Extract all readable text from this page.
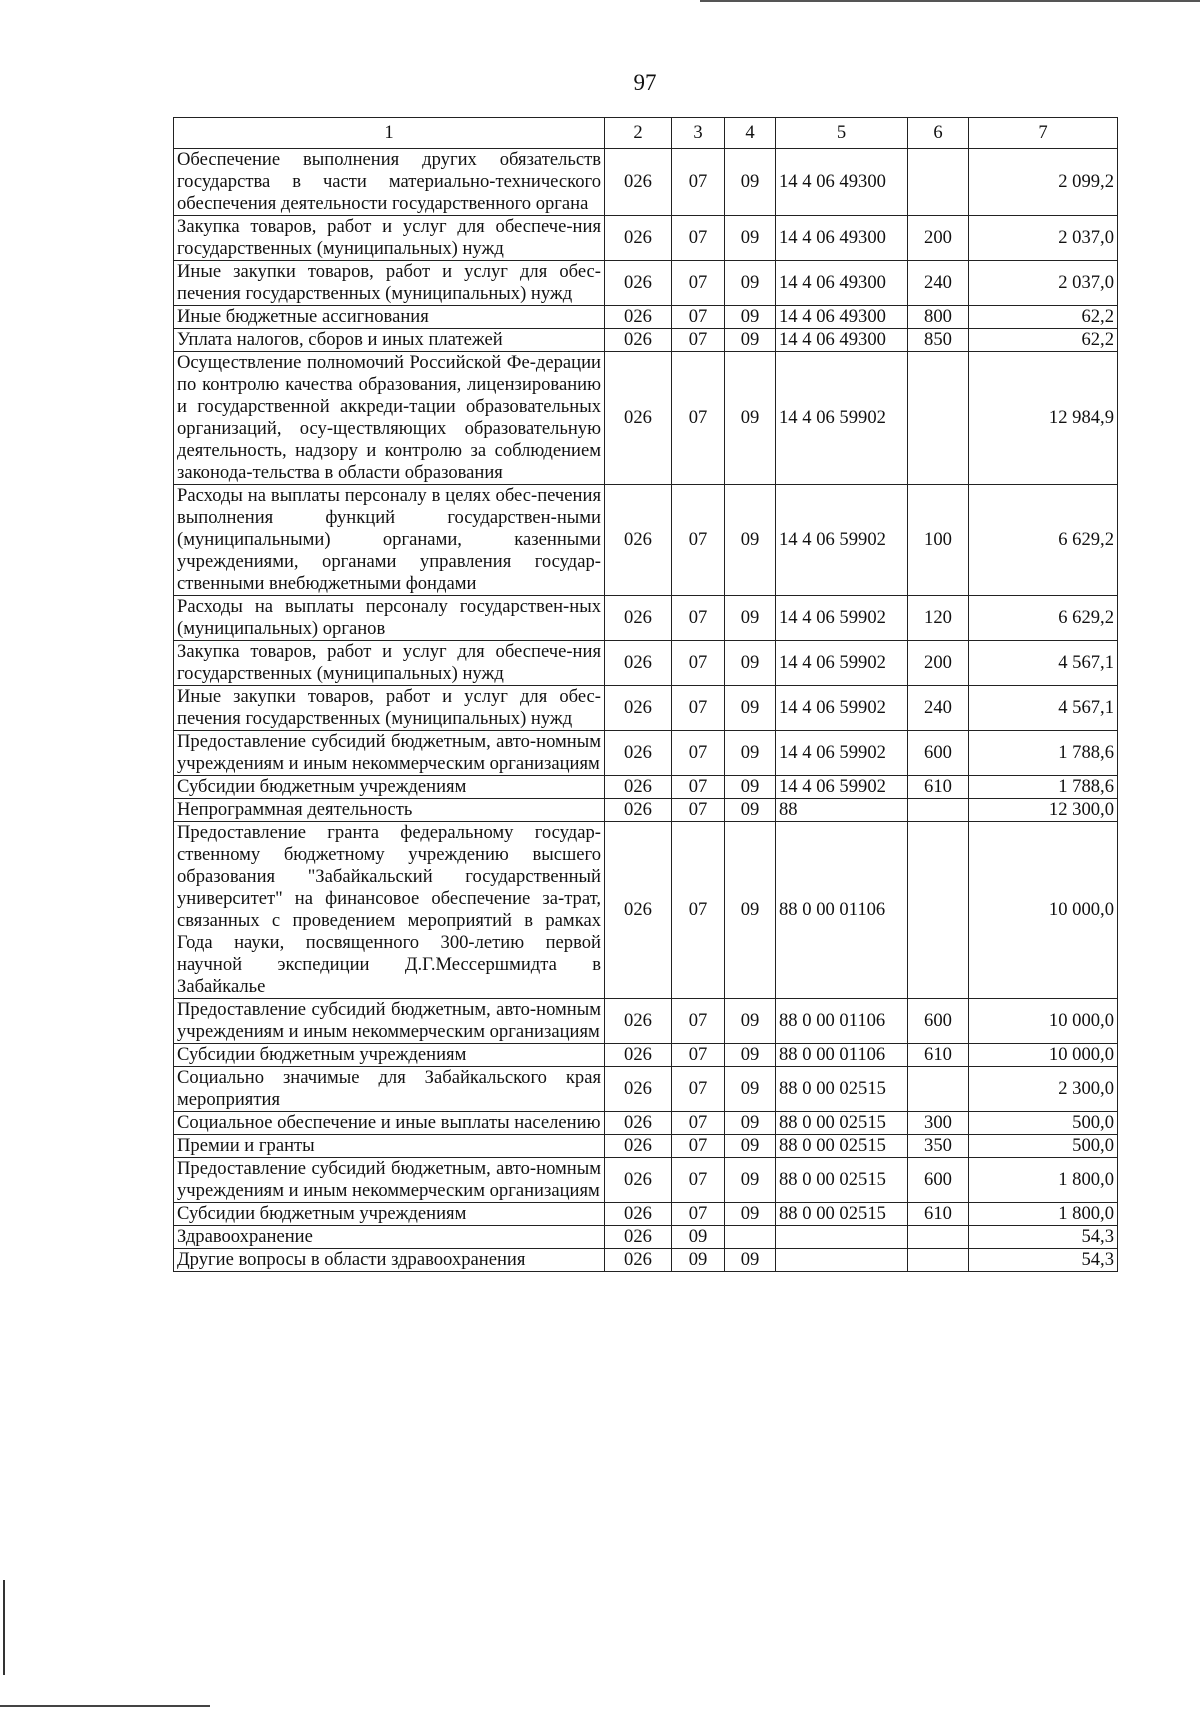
97
1	2	3	4	5	6	7
Обеспечение выполнения других обязательств государства в части материально-технического обеспечения деятельности государственного органа	026	07	09	14 4 06 49300		2 099,2
Закупка товаров, работ и услуг для обеспече-ния государственных (муниципальных) нужд	026	07	09	14 4 06 49300	200	2 037,0
Иные закупки товаров, работ и услуг для обес-печения государственных (муниципальных) нужд	026	07	09	14 4 06 49300	240	2 037,0
Иные бюджетные ассигнования	026	07	09	14 4 06 49300	800	62,2
Уплата налогов, сборов и иных платежей	026	07	09	14 4 06 49300	850	62,2
Осуществление полномочий Российской Фе-дерации по контролю качества образования, лицензированию и государственной аккреди-тации образовательных организаций, осу-ществляющих образовательную деятельность, надзору и контролю за соблюдением законода-тельства в области образования	026	07	09	14 4 06 59902		12 984,9
Расходы на выплаты персоналу в целях обес-печения выполнения функций государствен-ными (муниципальными) органами, казенными учреждениями, органами управления государ-ственными внебюджетными фондами	026	07	09	14 4 06 59902	100	6 629,2
Расходы на выплаты персоналу государствен-ных (муниципальных) органов	026	07	09	14 4 06 59902	120	6 629,2
Закупка товаров, работ и услуг для обеспече-ния государственных (муниципальных) нужд	026	07	09	14 4 06 59902	200	4 567,1
Иные закупки товаров, работ и услуг для обес-печения государственных (муниципальных) нужд	026	07	09	14 4 06 59902	240	4 567,1
Предоставление субсидий бюджетным, авто-номным учреждениям и иным некоммерческим организациям	026	07	09	14 4 06 59902	600	1 788,6
Субсидии бюджетным учреждениям	026	07	09	14 4 06 59902	610	1 788,6
Непрограммная деятельность	026	07	09	88		12 300,0
Предоставление гранта федеральному государ-ственному бюджетному учреждению высшего образования "Забайкальский государственный университет" на финансовое обеспечение за-трат, связанных с проведением мероприятий в рамках Года науки, посвященного 300-летию первой научной экспедиции Д.Г.Мессершмидта в Забайкалье	026	07	09	88 0 00 01106		10 000,0
Предоставление субсидий бюджетным, авто-номным учреждениям и иным некоммерческим организациям	026	07	09	88 0 00 01106	600	10 000,0
Субсидии бюджетным учреждениям	026	07	09	88 0 00 01106	610	10 000,0
Социально значимые для Забайкальского края мероприятия	026	07	09	88 0 00 02515		2 300,0
Социальное обеспечение и иные выплаты населению	026	07	09	88 0 00 02515	300	500,0
Премии и гранты	026	07	09	88 0 00 02515	350	500,0
Предоставление субсидий бюджетным, авто-номным учреждениям и иным некоммерческим организациям	026	07	09	88 0 00 02515	600	1 800,0
Субсидии бюджетным учреждениям	026	07	09	88 0 00 02515	610	1 800,0
Здравоохранение	026	09				54,3
Другие вопросы в области здравоохранения	026	09	09			54,3
